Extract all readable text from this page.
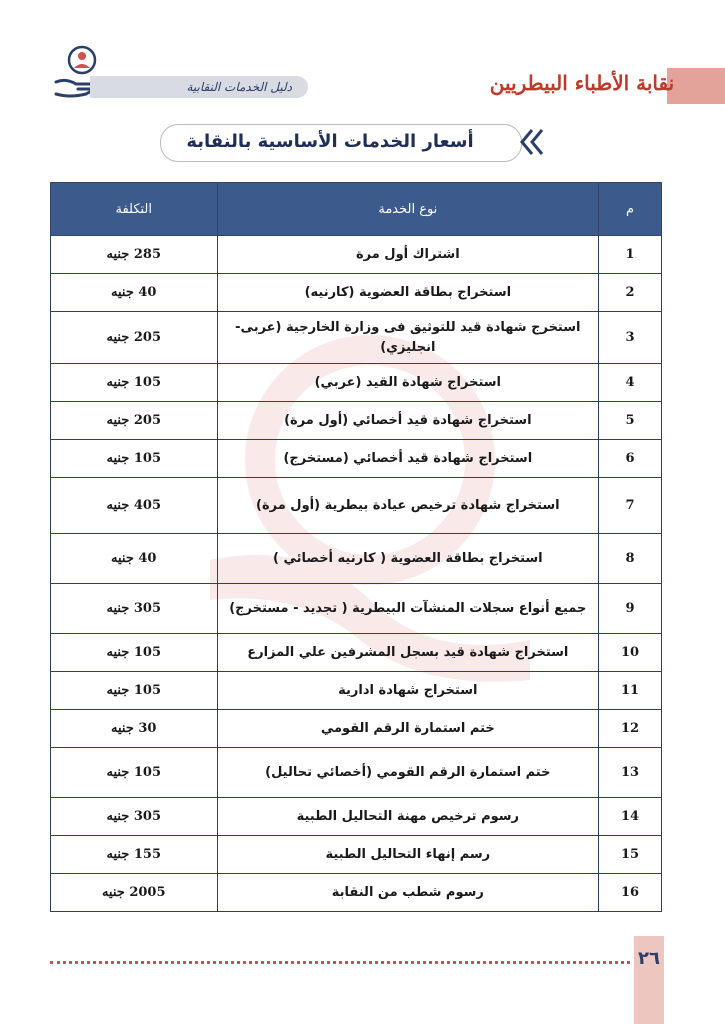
نقابة الأطباء البيطريين
دليل الخدمات النقابية
أسعار الخدمات الأساسية بالنقابة
م	نوع الخدمة	التكلفة
1	اشتراك أول مرة	285 جنيه
2	استخراج بطاقة العضوية (كارنيه)	40 جنيه
3	استخرج شهادة قيد للتوثيق فى وزارة الخارجية (عربى- انجليزي)	205 جنيه
4	استخراج شهادة القيد (عربي)	105 جنيه
5	استخراج شهادة قيد أخصائي (أول مرة)	205 جنيه
6	استخراج شهادة قيد أخصائي (مستخرج)	105 جنيه
7	استخراج شهادة ترخيص عيادة بيطرية (أول مرة)	405 جنيه
8	استخراج بطاقة العضوية ( كارنيه أخصائي )	40 جنيه
9	جميع أنواع سجلات المنشآت البيطرية ( تجديد - مستخرج)	305 جنيه
10	استخراج شهادة قيد بسجل المشرفين علي المزارع	105 جنيه
11	استخراج شهادة ادارية	105 جنيه
12	ختم استمارة الرقم القومي	30 جنيه
13	ختم استمارة الرقم القومي (أخصائي تحاليل)	105 جنيه
14	رسوم ترخيص مهنة التحاليل الطبية	305 جنيه
15	رسم إنهاء التحاليل الطبية	155 جنيه
16	رسوم شطب من النقابة	2005 جنيه
٢٦
